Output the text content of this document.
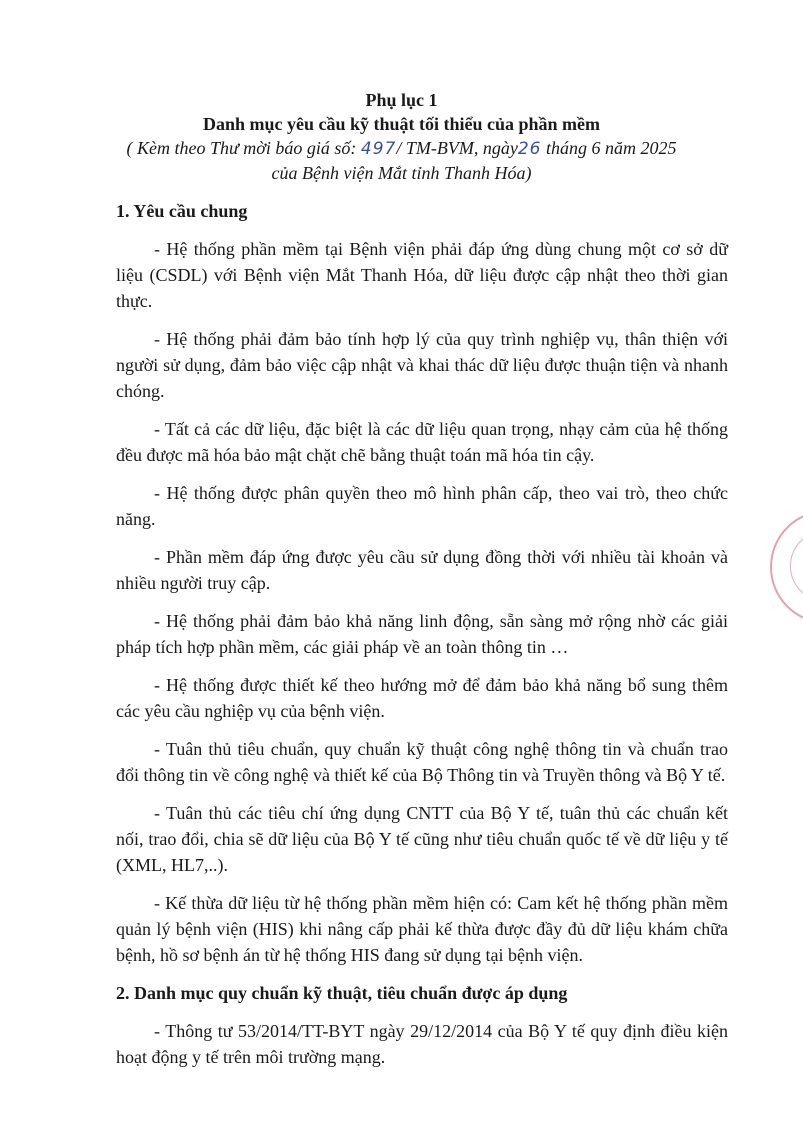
Phụ lục 1

Danh mục yêu cầu kỹ thuật tối thiểu của phần mềm

( Kèm theo Thư mời báo giá số: 497/ TM-BVM, ngày26 tháng 6 năm 2025

của Bệnh viện Mắt tỉnh Thanh Hóa)

1. Yêu cầu chung

- Hệ thống phần mềm tại Bệnh viện phải đáp ứng dùng chung một cơ sở dữ liệu (CSDL) với Bệnh viện Mắt Thanh Hóa, dữ liệu được cập nhật theo thời gian thực.

- Hệ thống phải đảm bảo tính hợp lý của quy trình nghiệp vụ, thân thiện với người sử dụng, đảm bảo việc cập nhật và khai thác dữ liệu được thuận tiện và nhanh chóng.

- Tất cả các dữ liệu, đặc biệt là các dữ liệu quan trọng, nhạy cảm của hệ thống đều được mã hóa bảo mật chặt chẽ bằng thuật toán mã hóa tin cậy.

- Hệ thống được phân quyền theo mô hình phân cấp, theo vai trò, theo chức năng.

- Phần mềm đáp ứng được yêu cầu sử dụng đồng thời với nhiều tài khoản và nhiều người truy cập.

- Hệ thống phải đảm bảo khả năng linh động, sẵn sàng mở rộng nhờ các giải pháp tích hợp phần mềm, các giải pháp về an toàn thông tin …

- Hệ thống được thiết kế theo hướng mở để đảm bảo khả năng bổ sung thêm các yêu cầu nghiệp vụ của bệnh viện.

- Tuân thủ tiêu chuẩn, quy chuẩn kỹ thuật công nghệ thông tin và chuẩn trao đổi thông tin về công nghệ và thiết kế của Bộ Thông tin và Truyền thông và Bộ Y tế.

- Tuân thủ các tiêu chí ứng dụng CNTT của Bộ Y tế, tuân thủ các chuẩn kết nối, trao đổi, chia sẽ dữ liệu của Bộ Y tế cũng như tiêu chuẩn quốc tế về dữ liệu y tế (XML, HL7,..).

- Kế thừa dữ liệu từ hệ thống phần mềm hiện có: Cam kết hệ thống phần mềm quản lý bệnh viện (HIS) khi nâng cấp phải kế thừa được đầy đủ dữ liệu khám chữa bệnh, hồ sơ bệnh án từ hệ thống HIS đang sử dụng tại bệnh viện.

2. Danh mục quy chuẩn kỹ thuật, tiêu chuẩn được áp dụng

- Thông tư 53/2014/TT-BYT ngày 29/12/2014 của Bộ Y tế quy định điều kiện hoạt động y tế trên môi trường mạng.
